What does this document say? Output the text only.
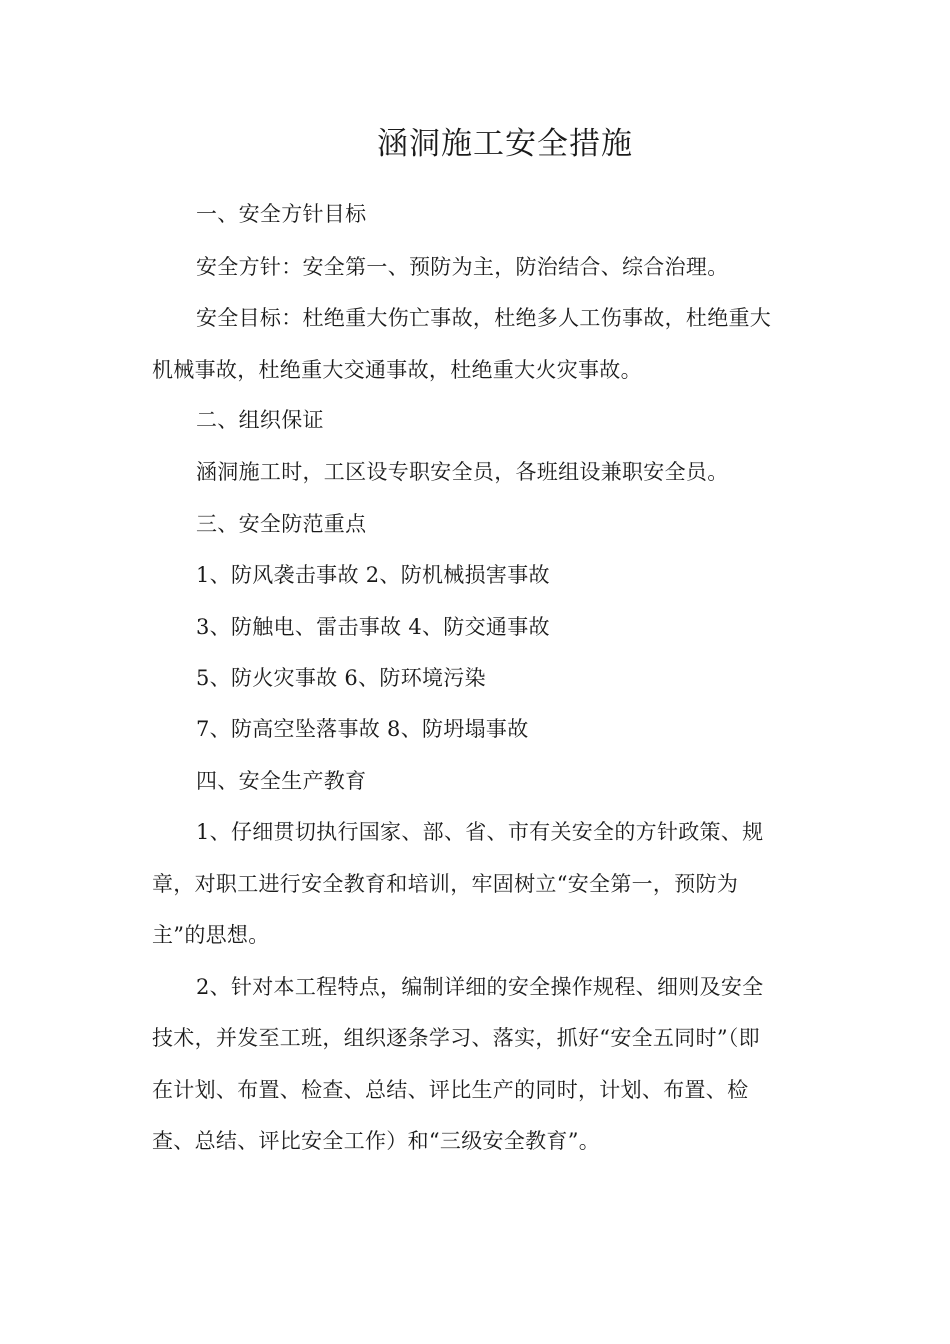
涵洞施工安全措施
一、安全方针目标
安全方针：安全第一、预防为主，防治结合、综合治理。
安全目标：杜绝重大伤亡事故，杜绝多人工伤事故，杜绝重大
机械事故，杜绝重大交通事故，杜绝重大火灾事故。
二、组织保证
涵洞施工时，工区设专职安全员，各班组设兼职安全员。
三、安全防范重点
1、防风袭击事故 2、防机械损害事故
3、防触电、雷击事故 4、防交通事故
5、防火灾事故 6、防环境污染
7、防高空坠落事故 8、防坍塌事故
四、安全生产教育
1、仔细贯切执行国家、部、省、市有关安全的方针政策、规
章，对职工进行安全教育和培训，牢固树立“安全第一，预防为
主”的思想。
2、针对本工程特点，编制详细的安全操作规程、细则及安全
技术，并发至工班，组织逐条学习、落实，抓好“安全五同时”（即
在计划、布置、检查、总结、评比生产的同时，计划、布置、检
查、总结、评比安全工作）和“三级安全教育”。
